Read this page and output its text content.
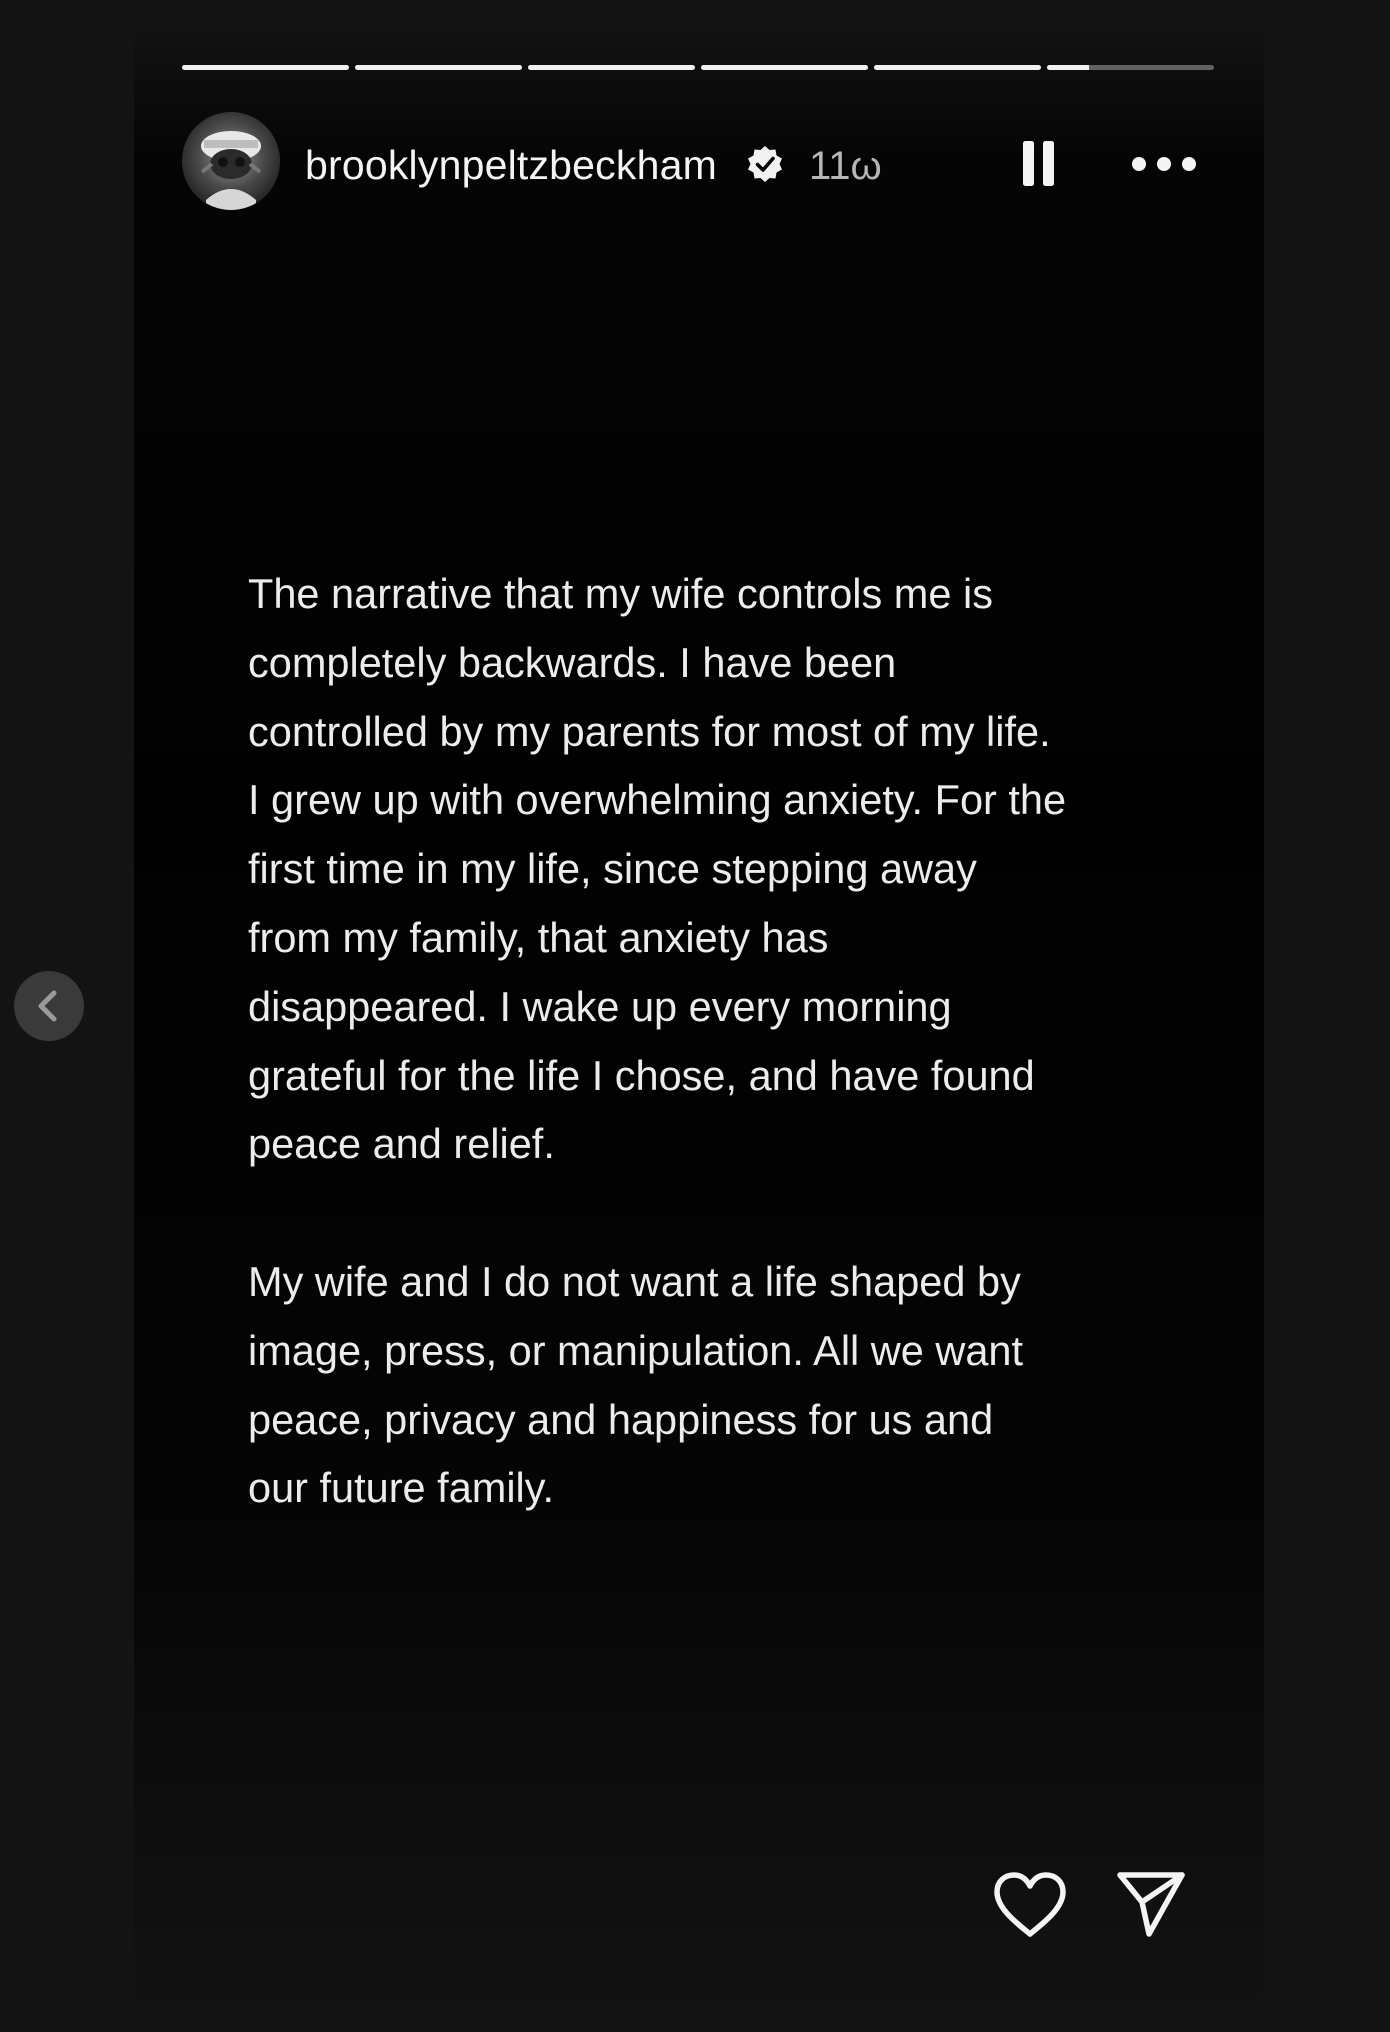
brooklynpeltzbeckham 11ω

The narrative that my wife controls me is
completely backwards. I have been
controlled by my parents for most of my life.
I grew up with overwhelming anxiety. For the
first time in my life, since stepping away
from my family, that anxiety has
disappeared. I wake up every morning
grateful for the life I chose, and have found
peace and relief.

My wife and I do not want a life shaped by
image, press, or manipulation. All we want
peace, privacy and happiness for us and
our future family.
